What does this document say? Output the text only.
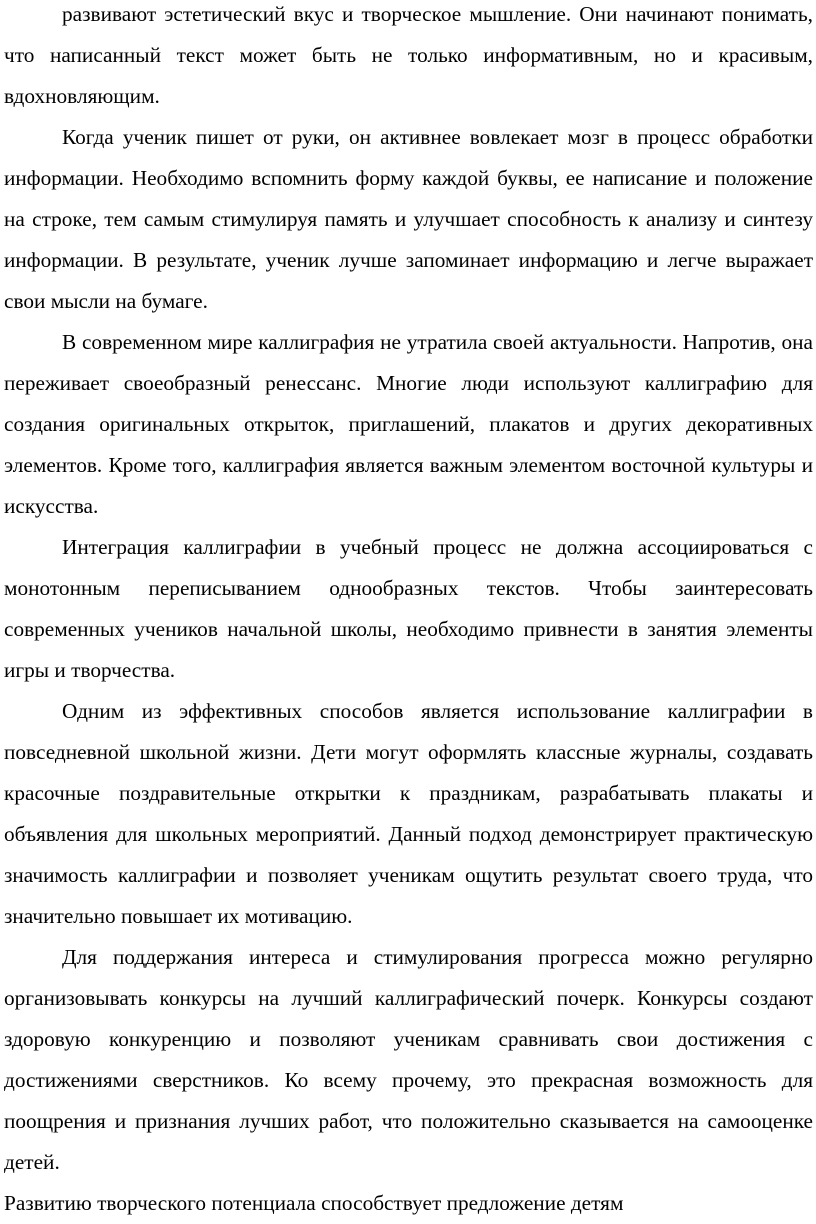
развивают эстетический вкус и творческое мышление. Они начинают понимать, что написанный текст может быть не только информативным, но и красивым, вдохновляющим.

Когда ученик пишет от руки, он активнее вовлекает мозг в процесс обработки информации. Необходимо вспомнить форму каждой буквы, ее написание и положение на строке, тем самым стимулируя память и улучшает способность к анализу и синтезу информации. В результате, ученик лучше запоминает информацию и легче выражает свои мысли на бумаге.

В современном мире каллиграфия не утратила своей актуальности. Напротив, она переживает своеобразный ренессанс. Многие люди используют каллиграфию для создания оригинальных открыток, приглашений, плакатов и других декоративных элементов. Кроме того, каллиграфия является важным элементом восточной культуры и искусства.

Интеграция каллиграфии в учебный процесс не должна ассоциироваться с монотонным переписыванием однообразных текстов. Чтобы заинтересовать современных учеников начальной школы, необходимо привнести в занятия элементы игры и творчества.

Одним из эффективных способов является использование каллиграфии в повседневной школьной жизни. Дети могут оформлять классные журналы, создавать красочные поздравительные открытки к праздникам, разрабатывать плакаты и объявления для школьных мероприятий. Данный подход демонстрирует практическую значимость каллиграфии и позволяет ученикам ощутить результат своего труда, что значительно повышает их мотивацию.

Для поддержания интереса и стимулирования прогресса можно регулярно организовывать конкурсы на лучший каллиграфический почерк. Конкурсы создают здоровую конкуренцию и позволяют ученикам сравнивать свои достижения с достижениями сверстников. Ко всему прочему, это прекрасная возможность для поощрения и признания лучших работ, что положительно сказывается на самооценке детей.

Развитию творческого потенциала способствует предложение детям
